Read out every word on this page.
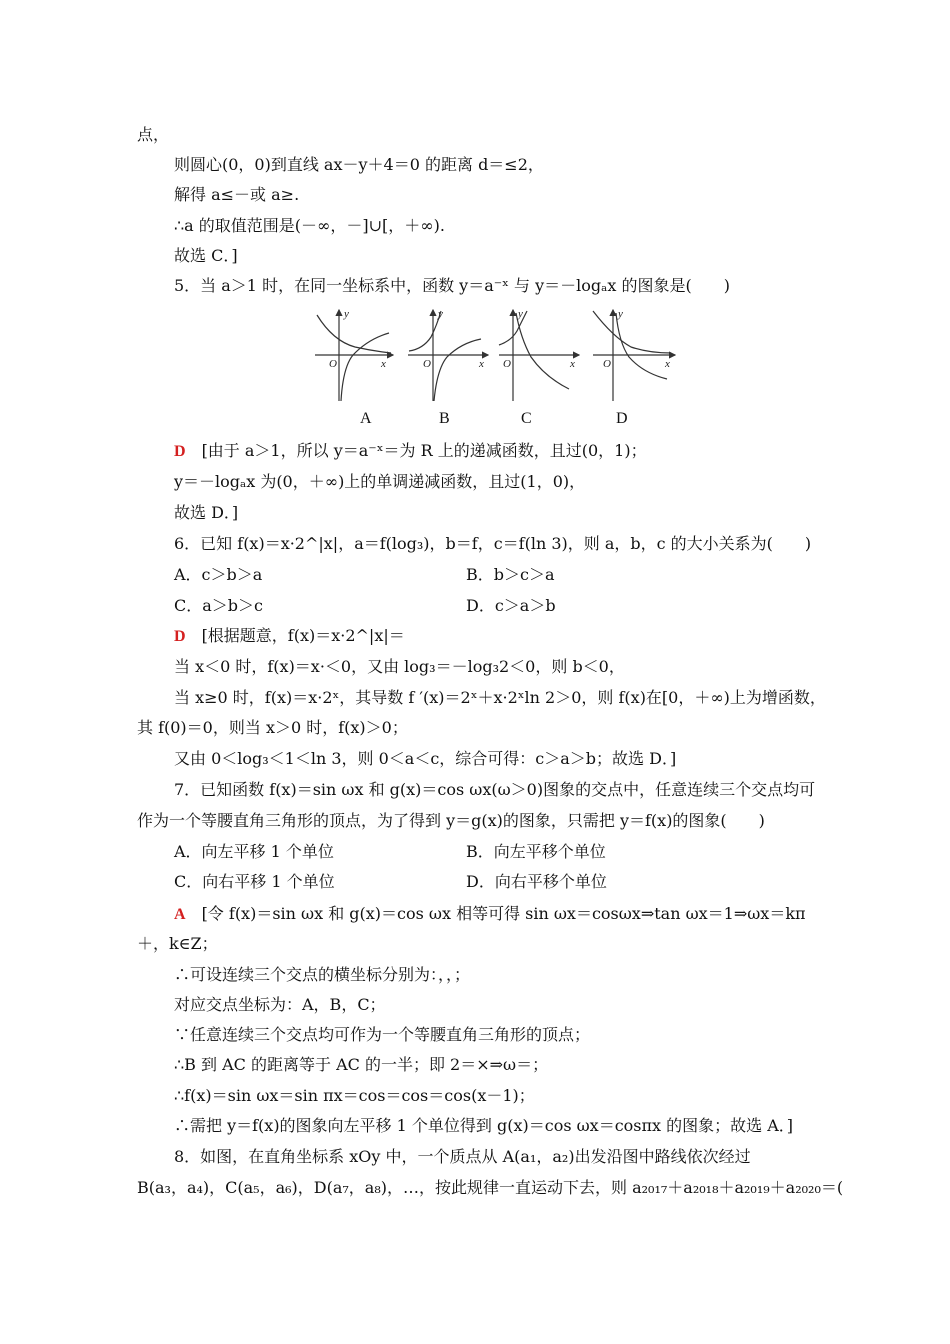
点，
则圆心(0，0)到直线 ax－y＋4＝0 的距离 d＝≤2，
解得 a≤－或 a≥.
∴a 的取值范围是(－∞，－]∪[，＋∞).
故选 C．]
5．当 a＞1 时，在同一坐标系中，函数 y＝a⁻ˣ 与 y＝－logₐx 的图象是(　　)
y
x
O
y
x
O
y
x
O
y
x
O
A	B	C	D
D  [由于 a＞1，所以 y＝a⁻ˣ＝为 R 上的递减函数，且过(0，1)；
y＝－logₐx 为(0，＋∞)上的单调递减函数，且过(1，0)，
故选 D．]
6．已知 f(x)＝x·2^|x|，a＝f(log₃)，b＝f，c＝f(ln 3)，则 a，b，c 的大小关系为(　　)
A．c＞b＞a	B．b＞c＞a
C．a＞b＞c	D．c＞a＞b
D  [根据题意，f(x)＝x·2^|x|＝
当 x＜0 时，f(x)＝x·＜0，又由 log₃＝－log₃2＜0，则 b＜0，
当 x≥0 时，f(x)＝x·2ˣ，其导数 f ′(x)＝2ˣ＋x·2ˣln 2＞0，则 f(x)在[0，＋∞)上为增函数，
其 f(0)＝0，则当 x＞0 时，f(x)＞0；
又由 0＜log₃＜1＜ln 3，则 0＜a＜c，综合可得：c＞a＞b；故选 D．]
7．已知函数 f(x)＝sin ωx 和 g(x)＝cos ωx(ω＞0)图象的交点中，任意连续三个交点均可
作为一个等腰直角三角形的顶点，为了得到 y＝g(x)的图象，只需把 y＝f(x)的图象(　　)
A．向左平移 1 个单位	B．向左平移个单位
C．向右平移 1 个单位	D．向右平移个单位
A  [令 f(x)＝sin ωx 和 g(x)＝cos ωx 相等可得 sin ωx＝cosωx⇒tan ωx＝1⇒ωx＝kπ
＋，k∈Z；
∴可设连续三个交点的横坐标分别为：，，；
对应交点坐标为：A，B，C；
∵任意连续三个交点均可作为一个等腰直角三角形的顶点；
∴B 到 AC 的距离等于 AC 的一半；即 2＝×⇒ω＝；
∴f(x)＝sin ωx＝sin πx＝cos＝cos＝cos(x－1)；
∴需把 y＝f(x)的图象向左平移 1 个单位得到 g(x)＝cos ωx＝cosπx 的图象；故选 A．]
8．如图，在直角坐标系 xOy 中，一个质点从 A(a₁，a₂)出发沿图中路线依次经过
B(a₃，a₄)，C(a₅，a₆)，D(a₇，a₈)，…，按此规律一直运动下去，则 a₂₀₁₇＋a₂₀₁₈＋a₂₀₁₉＋a₂₀₂₀＝(
